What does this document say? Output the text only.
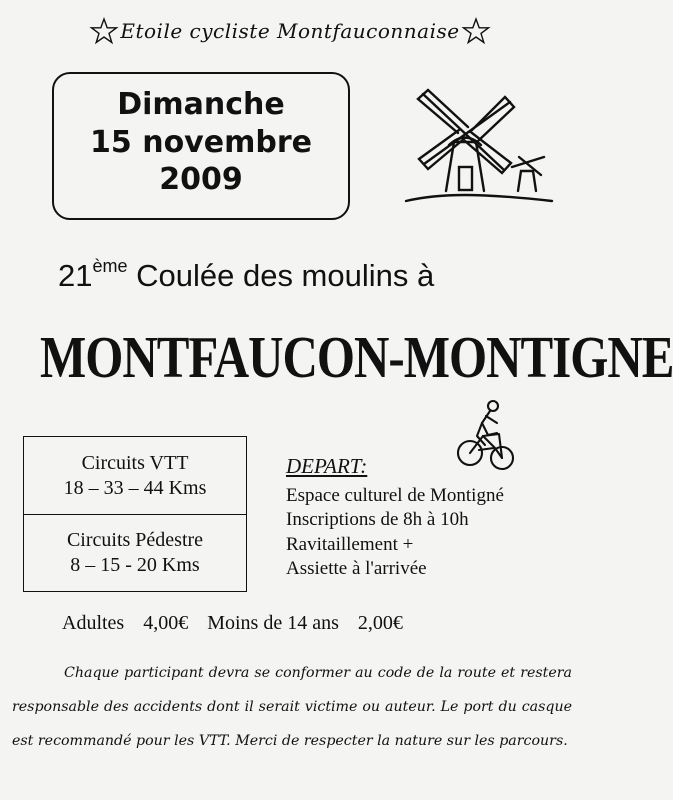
Etoile cycliste Montfauconnaise
Dimanche
15 novembre
2009
21ème Coulée des moulins à
MONTFAUCON-MONTIGNE
Circuits VTT
18 – 33 – 44 Kms
Circuits Pédestre
8 – 15 - 20 Kms
DEPART:
Espace culturel de Montigné
Inscriptions de 8h à 10h
Ravitaillement +
Assiette à l'arrivée
Adultes 4,00€ Moins de 14 ans 2,00€
Chaque participant devra se conformer au code de la route et restera responsable des accidents dont il serait victime ou auteur. Le port du casque est recommandé pour les VTT. Merci de respecter la nature sur les parcours.
